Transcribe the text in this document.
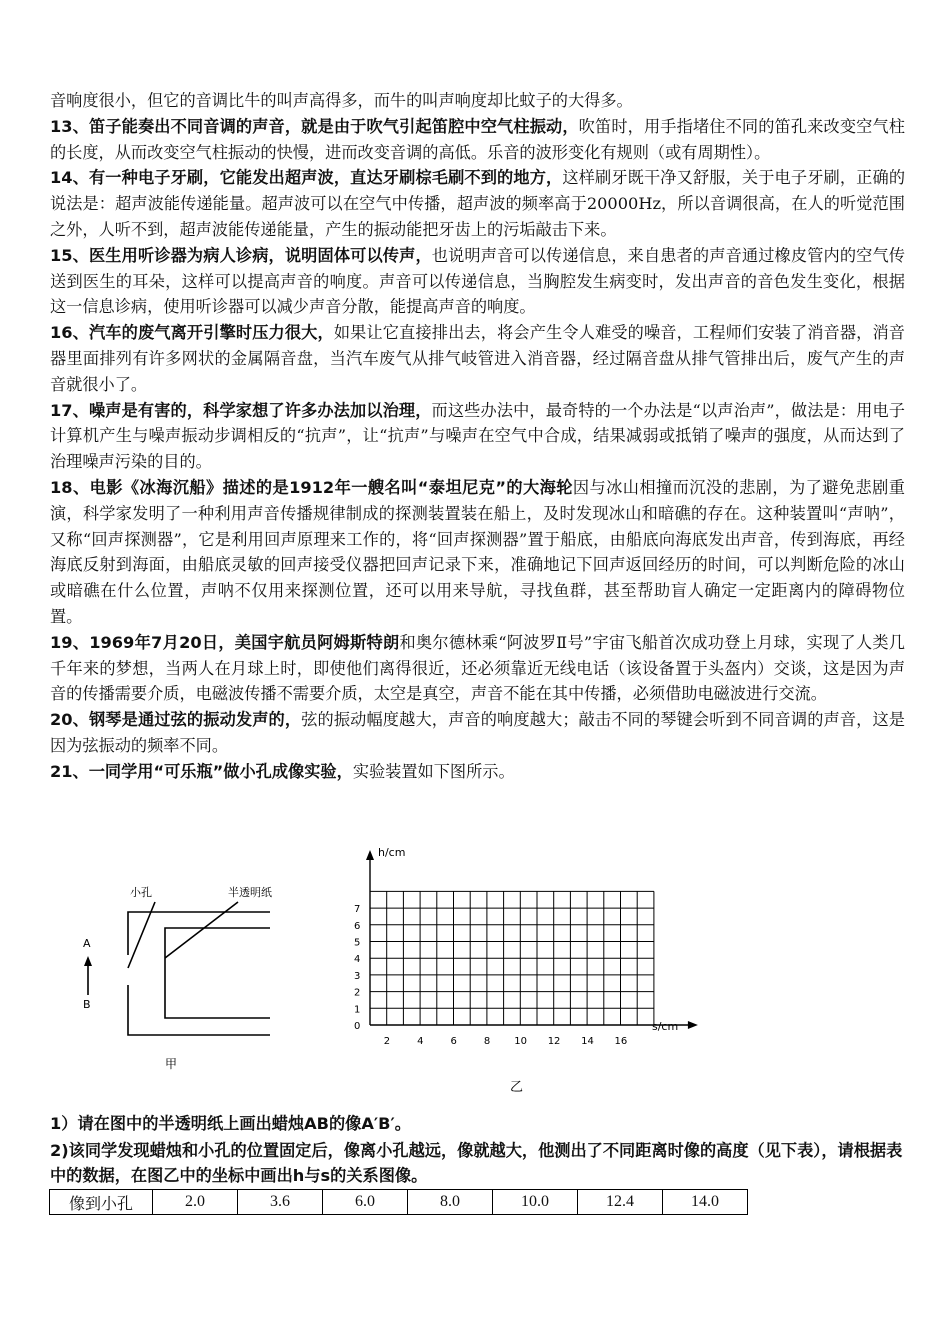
音响度很小，但它的音调比牛的叫声高得多，而牛的叫声响度却比蚊子的大得多。

13、笛子能奏出不同音调的声音，就是由于吹气引起笛腔中空气柱振动，吹笛时，用手指堵住不同的笛孔来改变空气柱的长度，从而改变空气柱振动的快慢，进而改变音调的高低。乐音的波形变化有规则（或有周期性）。

14、有一种电子牙刷，它能发出超声波，直达牙刷棕毛刷不到的地方，这样刷牙既干净又舒服，关于电子牙刷，正确的说法是：超声波能传递能量。超声波可以在空气中传播，超声波的频率高于20000Hz，所以音调很高，在人的听觉范围之外，人听不到，超声波能传递能量，产生的振动能把牙齿上的污垢敲击下来。

15、医生用听诊器为病人诊病，说明固体可以传声，也说明声音可以传递信息，来自患者的声音通过橡皮管内的空气传送到医生的耳朵，这样可以提高声音的响度。声音可以传递信息，当胸腔发生病变时，发出声音的音色发生变化，根据这一信息诊病，使用听诊器可以减少声音分散，能提高声音的响度。

16、汽车的废气离开引擎时压力很大，如果让它直接排出去，将会产生令人难受的噪音，工程师们安装了消音器，消音器里面排列有许多网状的金属隔音盘，当汽车废气从排气岐管进入消音器，经过隔音盘从排气管排出后，废气产生的声音就很小了。

17、噪声是有害的，科学家想了许多办法加以治理，而这些办法中，最奇特的一个办法是“以声治声”，做法是：用电子计算机产生与噪声振动步调相反的“抗声”，让“抗声”与噪声在空气中合成，结果减弱或抵销了噪声的强度，从而达到了治理噪声污染的目的。

18、电影《冰海沉船》描述的是1912年一艘名叫“泰坦尼克”的大海轮因与冰山相撞而沉没的悲剧，为了避免悲剧重演，科学家发明了一种利用声音传播规律制成的探测装置装在船上，及时发现冰山和暗礁的存在。这种装置叫“声呐”，又称“回声探测器”，它是利用回声原理来工作的，将“回声探测器”置于船底，由船底向海底发出声音，传到海底，再经海底反射到海面，由船底灵敏的回声接受仪器把回声记录下来，准确地记下回声返回经历的时间，可以判断危险的冰山或暗礁在什么位置，声呐不仅用来探测位置，还可以用来导航，寻找鱼群，甚至帮助盲人确定一定距离内的障碍物位置。

19、1969年7月20日，美国宇航员阿姆斯特朗和奥尔德林乘“阿波罗Ⅱ号”宇宙飞船首次成功登上月球，实现了人类几千年来的梦想，当两人在月球上时，即使他们离得很近，还必须靠近无线电话（该设备置于头盔内）交谈，这是因为声音的传播需要介质，电磁波传播不需要介质，太空是真空，声音不能在其中传播，必须借助电磁波进行交流。

20、钢琴是通过弦的振动发声的，弦的振动幅度越大，声音的响度越大；敲击不同的琴键会听到不同音调的声音，这是因为弦振动的频率不同。

21、一同学用“可乐瓶”做小孔成像实验，实验装置如下图所示。

小孔	半透明纸
A
B
甲
0
1
2
3
4
5
6
7
2	4	6	8 10 12 14 16
h/cm
s/cm
乙
1）请在图中的半透明纸上画出蜡烛AB的像A′B′。
2)该同学发现蜡烛和小孔的位置固定后，像离小孔越远，像就越大，他测出了不同距离时像的高度（见下表），请根据表中的数据，在图乙中的坐标中画出h与s的关系图像。
像到小孔	2.0	3.6	6.0	8.0	10.0	12.4	14.0
